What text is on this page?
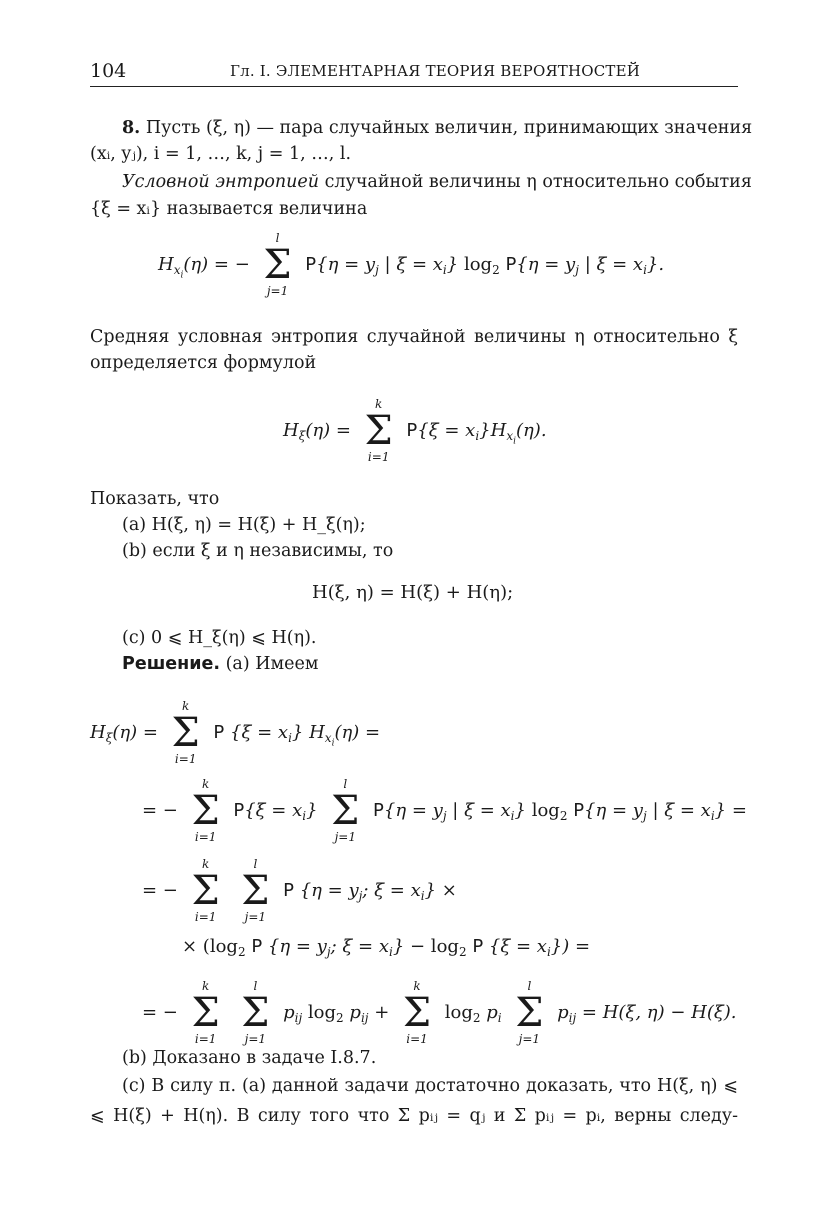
104	Гл. I. ЭЛЕМЕНТАРНАЯ ТЕОРИЯ ВЕРОЯТНОСТЕЙ
8. Пусть (ξ, η) — пара случайных величин, принимающих значения
(xᵢ, yⱼ), i = 1, …, k, j = 1, …, l.
Условной энтропией случайной величины η относительно события
{ξ = xᵢ} называется величина
$H_{x_i}(\eta)$ = −
l
Σ
j=1
$P\{\eta = y_j$ | $\xi = x_i$} $\log_2 P\{\eta = y_j$ | $\xi = x_i$}.
Средняя условная энтропия случайной величины η относительно ξ
определяется формулой
$H_\xi(\eta)$ =
k
Σ
i=1
$P\{\xi = x_i\}H_{x_i}(\eta)$.
Показать, что
(a) H(ξ, η) = H(ξ) + H_ξ(η);
(b) если ξ и η независимы, то
H(ξ, η) = H(ξ) + H(η);
(c) 0 ⩽ H_ξ(η) ⩽ H(η).
Решение. (a) Имеем
$H_\xi(\eta)$ =
k
Σ
i=1
P $\{\xi = x_i\}$ $H_{x_i}(\eta)$ =
= −
k
Σ
i=1
$P\{\xi = x_i\}$
l
Σ
j=1
$P\{\eta = y_j$ | $\xi = x_i$} $\log_2 P\{\eta = y_j$ | $\xi = x_i$} =
= −
k
Σ
i=1

l
Σ
j=1
P {$\eta = y_j$; $\xi = x_i$} ×
× ($\log_2$ P {$\eta = y_j$; $\xi = x_i\} - \log_2 P$ $\{\xi = x_i\}$) =
= −
k
Σ
i=1

l
Σ
j=1
$p_{ij}$ $\log_2 p_{ij}$ +
k
Σ
i=1
$\log_2 p_i$
l
Σ
j=1
$p_{ij} = H(\xi$, η) − H(ξ).
(b) Доказано в задаче I.8.7.
(c) В силу п. (a) данной задачи достаточно доказать, что H(ξ, η) ⩽
⩽ H(ξ) + H(η). В силу того что Σ pᵢⱼ = qⱼ и Σ pᵢⱼ = pᵢ, верны следу-
